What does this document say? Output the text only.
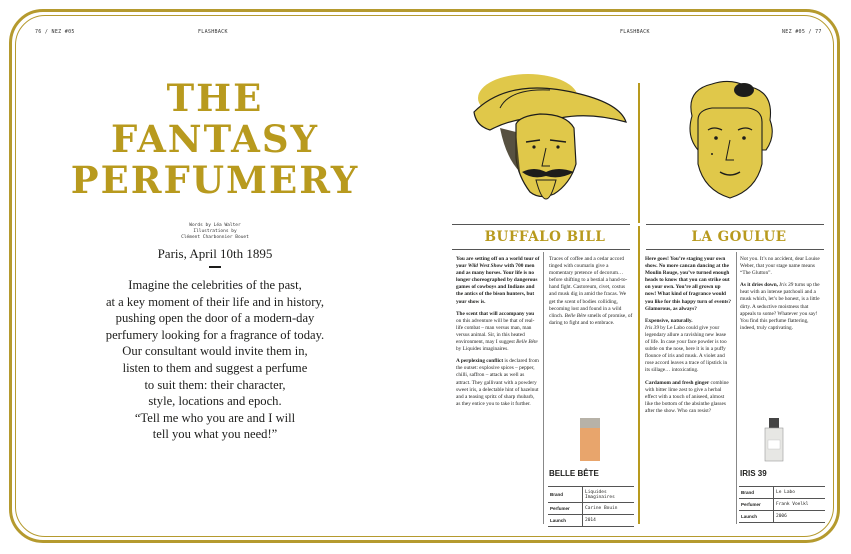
76 / NEZ #05	FLASHBACK	FLASHBACK	NEZ #05 / 77
THE
FANTASY
PERFUMERY
Words by Léa Walter
Illustrations by
Clément Charbonnier Bouet
Paris, April 10th 1895
Imagine the celebrities of the past,
at a key moment of their life and in history,
pushing open the door of a modern-day
perfumery looking for a fragrance of today.
Our consultant would invite them in,
listen to them and suggest a perfume
to suit them: their character,
style, locations and epoch.
“Tell me who you are and I will
tell you what you need!”
BUFFALO BILL	LA GOULUE

You are setting off on a world tour of your Wild West Show with 700 men and as many horses. Your life is no longer choreographed by dangerous games of cowboys and Indians and the antics of the bison hunters, but your show is.

The scent that will accompany you on this adventure will be that of real-life combat – man versus man, man versus animal. Sir, in this heated environment, may I suggest Belle Bête by Liquides imaginaires.

A perplexing conflict is declared from the outset: explosive spices – pepper, chilli, saffron – attack as well as attract. They gallivant with a powdery sweet iris, a delectable hint of hazelnut and a teasing spritz of sharp rhubarb, as they entice you to take it further.

Traces of coffee and a cedar accord tinged with coumarin give a momentary pretence of decorum… before shifting to a bestial a hand-to-hand fight. Castoreum, civet, costus and musk dig in amid the fracas. We get the scent of bodies colliding, becoming lost and found in a wild clinch. Belle Bête smells of promise, of daring to fight and to embrace.

BELLE BÊTE
Brand	Liquides Imaginaires
Perfumer	Carine Bouin
Launch	2014

Here goes! You’re staging your own show. No more cancan dancing at the Moulin Rouge, you’ve turned enough heads to know that you can strike out on your own. You’re all grown up now! What kind of fragrance would you like for this happy turn of events? Glamorous, as always?

Expensive, naturally.
Iris 39 by Le Labo could give your legendary allure a ravishing new lease of life. In case your face powder is too subtle on the nose, here it is in a puffy flounce of iris and musk. A violet and rose accord leaves a trace of lipstick in its sillage… intoxicating.

Cardamom and fresh ginger combine with bitter lime zest to give a herbal effect with a touch of aniseed, almost like the bottom of the absinthe glasses after the show. Who can resist?

Not you. It’s no accident, dear Louise Weber, that your stage name means “The Glutton”.

As it dries down, Iris 39 turns up the heat with an intense patchouli and a musk which, let’s be honest, is a little dirty. A seductive moistness that appeals to some? Whatever you say! You find this perfume flattering, indeed, truly captivating.

IRIS 39
Brand	Le Labo
Perfumer	Frank Voelkl
Launch	2006
